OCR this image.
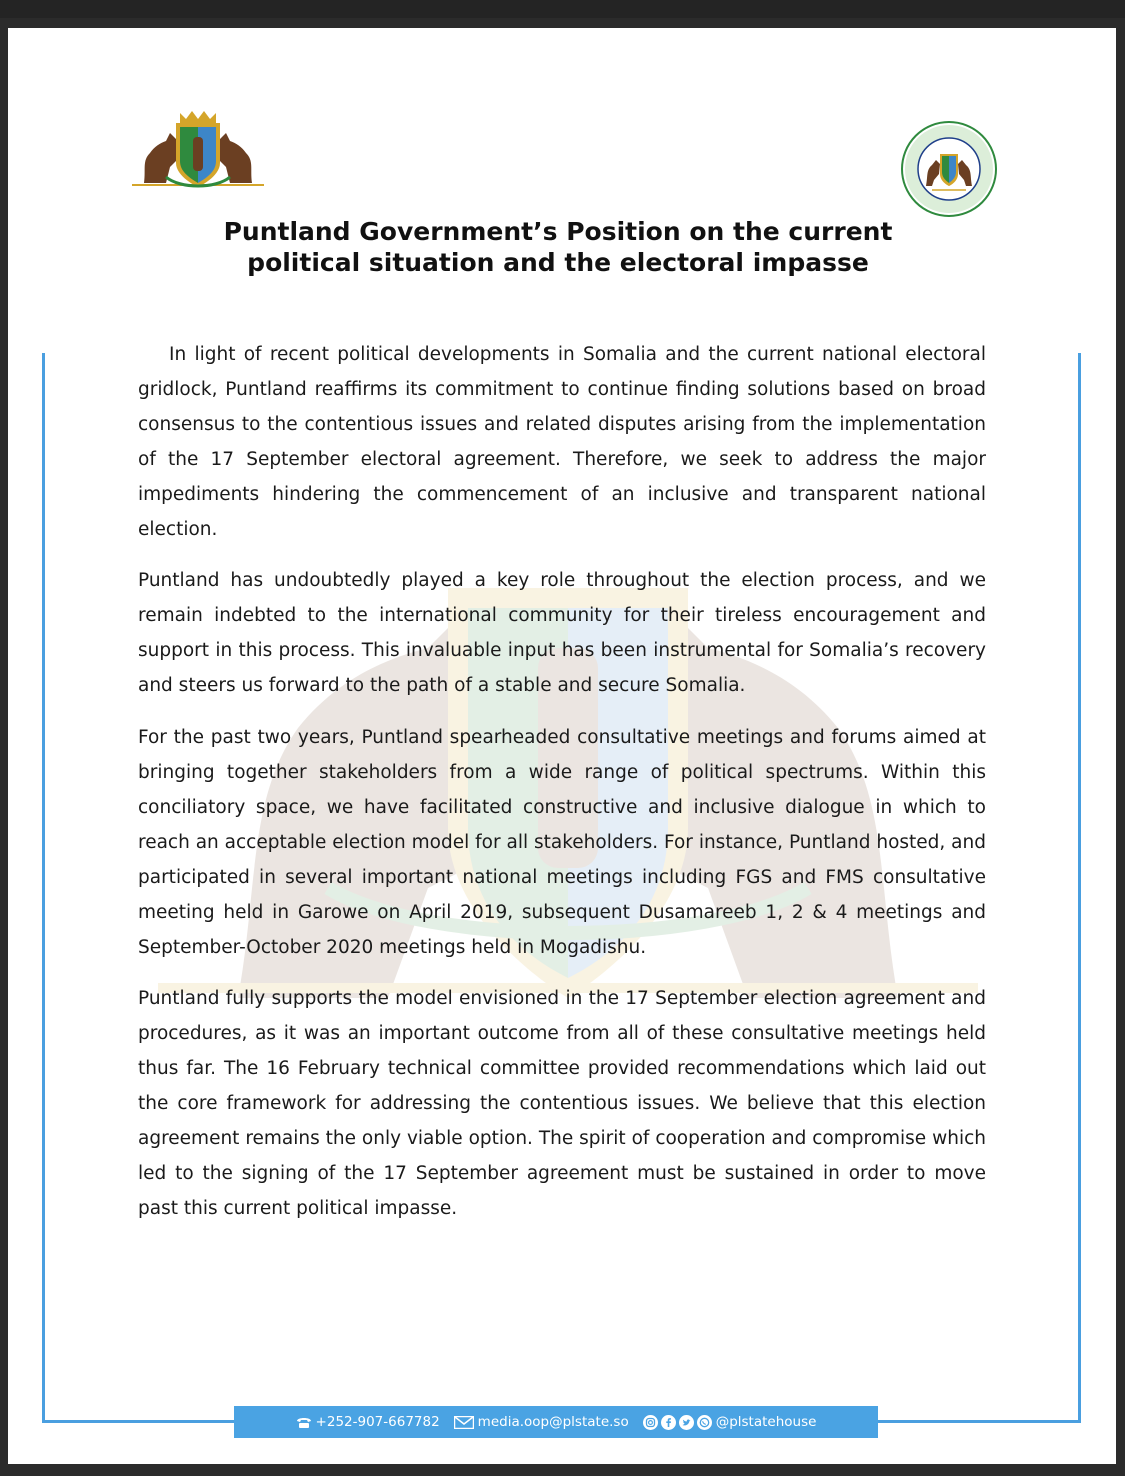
Puntland Government’s Position on the current
political situation and the electoral impasse

In light of recent political developments in Somalia and the current national electoral gridlock, Puntland reaffirms its commitment to continue finding solutions based on broad consensus to the contentious issues and related disputes arising from the implementation of the 17 September electoral agreement. Therefore, we seek to address the major impediments hindering the commencement of an inclusive and transparent national election.

Puntland has undoubtedly played a key role throughout the election process, and we remain indebted to the international community for their tireless encouragement and support in this process. This invaluable input has been instrumental for Somalia’s recovery and steers us forward to the path of a stable and secure Somalia.

For the past two years, Puntland spearheaded consultative meetings and forums aimed at bringing together stakeholders from a wide range of political spectrums. Within this conciliatory space, we have facilitated constructive and inclusive dialogue in which to reach an acceptable election model for all stakeholders. For instance, Puntland hosted, and participated in several important national meetings including FGS and FMS consultative meeting held in Garowe on April 2019, subsequent Dusamareeb 1, 2 & 4 meetings and September-October 2020 meetings held in Mogadishu.

Puntland fully supports the model envisioned in the 17 September election agreement and procedures, as it was an important outcome from all of these consultative meetings held thus far. The 16 February technical committee provided recommendations which laid out the core framework for addressing the contentious issues. We believe that this election agreement remains the only viable option. The spirit of cooperation and compromise which led to the signing of the 17 September agreement must be sustained in order to move past this current political impasse.

+252-907-667782	media.oop@plstate.so	@plstatehouse
